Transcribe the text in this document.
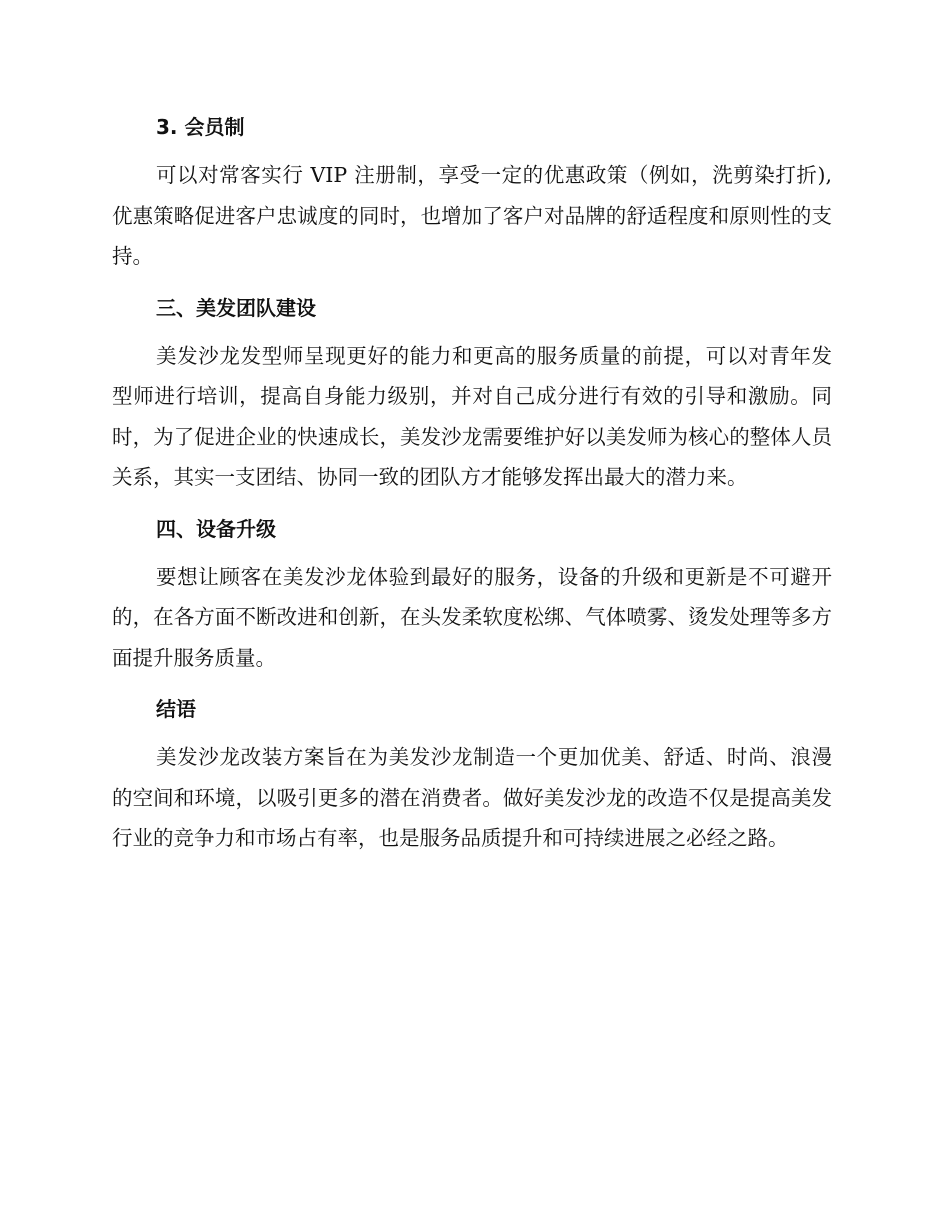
3. 会员制

可以对常客实行 VIP 注册制，享受一定的优惠政策（例如，洗剪染打折),优惠策略促进客户忠诚度的同时，也增加了客户对品牌的舒适程度和原则性的支持。

三、美发团队建设

美发沙龙发型师呈现更好的能力和更高的服务质量的前提，可以对青年发型师进行培训，提高自身能力级别，并对自己成分进行有效的引导和激励。同时，为了促进企业的快速成长，美发沙龙需要维护好以美发师为核心的整体人员关系，其实一支团结、协同一致的团队方才能够发挥出最大的潜力来。

四、设备升级

要想让顾客在美发沙龙体验到最好的服务，设备的升级和更新是不可避开的，在各方面不断改进和创新，在头发柔软度松绑、气体喷雾、烫发处理等多方面提升服务质量。

结语

美发沙龙改装方案旨在为美发沙龙制造一个更加优美、舒适、时尚、浪漫的空间和环境，以吸引更多的潜在消费者。做好美发沙龙的改造不仅是提高美发行业的竞争力和市场占有率，也是服务品质提升和可持续进展之必经之路。
